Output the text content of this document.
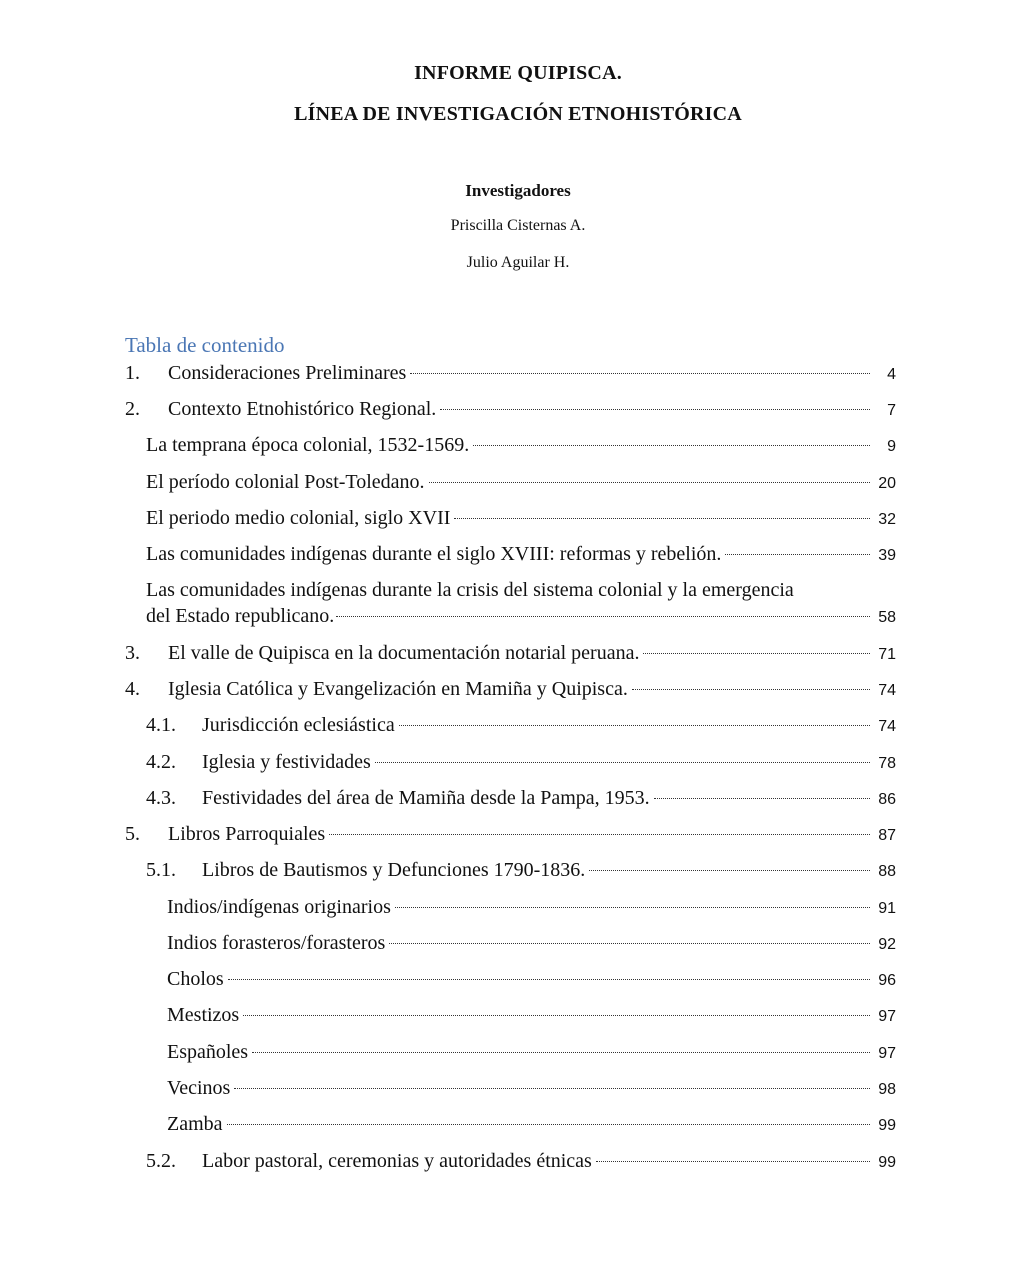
INFORME QUIPISCA.
LÍNEA DE INVESTIGACIÓN ETNOHISTÓRICA
Investigadores
Priscilla Cisternas A.
Julio Aguilar H.
Tabla de contenido
1.	Consideraciones Preliminares	4
2.	Contexto Etnohistórico Regional.	7
La temprana época colonial, 1532-1569.	9
El período colonial Post-Toledano.	20
El periodo medio colonial, siglo XVII	32
Las comunidades indígenas durante el siglo XVIII: reformas y rebelión.	39
Las comunidades indígenas durante la crisis del sistema colonial y la emergencia
del Estado republicano.	58
3.	El valle de Quipisca en la documentación notarial peruana.	71
4.	Iglesia Católica y Evangelización en Mamiña y Quipisca.	74
4.1.	Jurisdicción eclesiástica	74
4.2.	Iglesia y festividades	78
4.3.	Festividades del área de Mamiña desde la Pampa, 1953.	86
5.	Libros Parroquiales	87
5.1.	Libros de Bautismos y Defunciones 1790-1836.	88
Indios/indígenas originarios	91
Indios forasteros/forasteros	92
Cholos	96
Mestizos	97
Españoles	97
Vecinos	98
Zamba	99
5.2.	Labor pastoral, ceremonias y autoridades étnicas	99
